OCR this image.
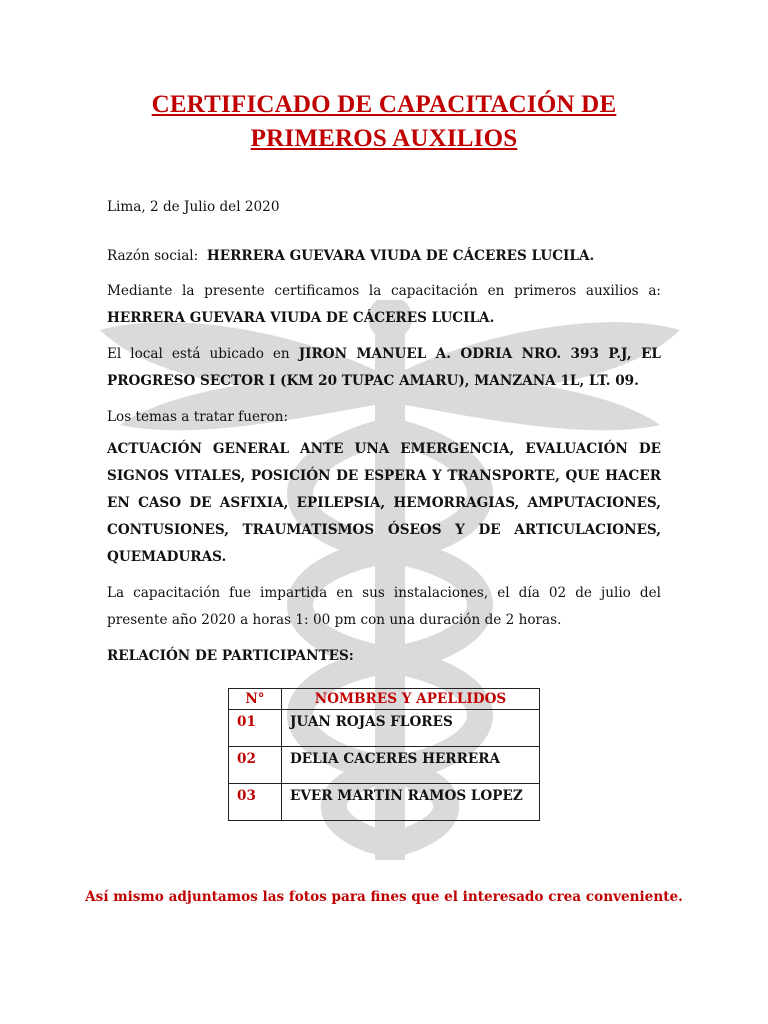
CERTIFICADO DE CAPACITACIÓN DE PRIMEROS AUXILIOS

Lima, 2 de Julio del 2020

Razón social: HERRERA GUEVARA VIUDA DE CÁCERES LUCILA.

Mediante la presente certificamos la capacitación en primeros auxilios a: HERRERA GUEVARA VIUDA DE CÁCERES LUCILA.

El local está ubicado en JIRON MANUEL A. ODRIA NRO. 393 P.J, EL PROGRESO SECTOR I (KM 20 TUPAC AMARU), MANZANA 1L, LT. 09.

Los temas a tratar fueron:

ACTUACIÓN GENERAL ANTE UNA EMERGENCIA, EVALUACIÓN DE SIGNOS VITALES, POSICIÓN DE ESPERA Y TRANSPORTE, QUE HACER EN CASO DE ASFIXIA, EPILEPSIA, HEMORRAGIAS, AMPUTACIONES, CONTUSIONES, TRAUMATISMOS ÓSEOS Y DE ARTICULACIONES, QUEMADURAS.

La capacitación fue impartida en sus instalaciones, el día 02 de julio del presente año 2020 a horas 1: 00 pm con una duración de 2 horas.

RELACIÓN DE PARTICIPANTES:

N°	NOMBRES Y APELLIDOS
01	JUAN ROJAS FLORES
02	DELIA CACERES HERRERA
03	EVER MARTIN RAMOS LOPEZ

Así mismo adjuntamos las fotos para fines que el interesado crea conveniente.
